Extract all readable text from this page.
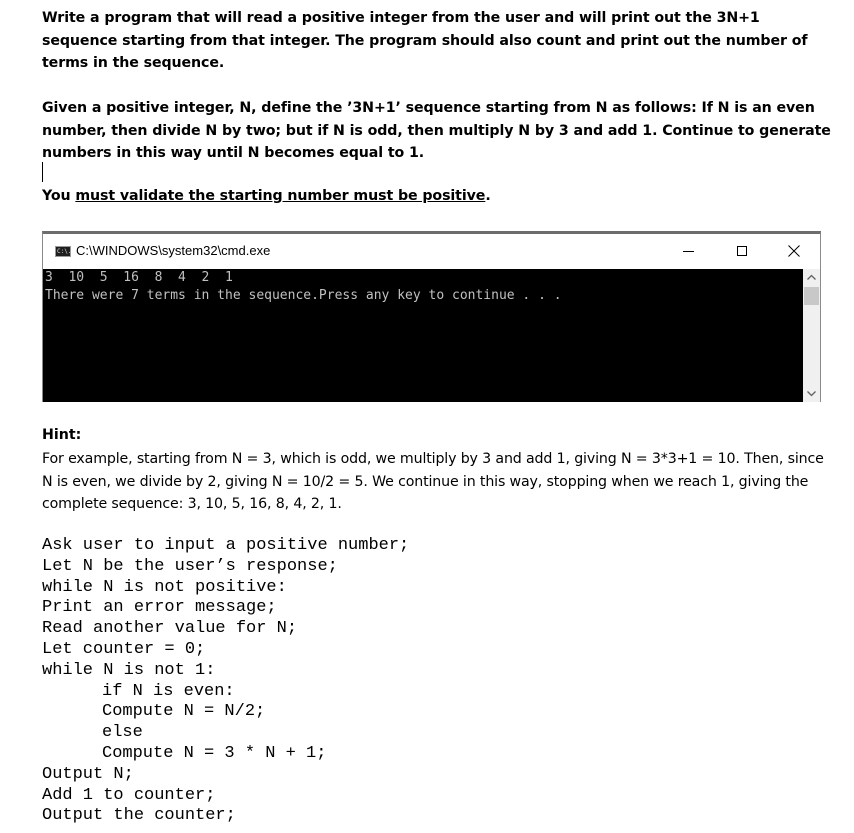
Write a program that will read a positive integer from the user and will print out the 3N+1 sequence starting from that integer. The program should also count and print out the number of terms in the sequence.
Given a positive integer, N, define the ’3N+1’ sequence starting from N as follows: If N is an even number, then divide N by two; but if N is odd, then multiply N by 3 and add 1. Continue to generate numbers in this way until N becomes equal to 1.
You must validate the starting number must be positive.
C:\. C:\WINDOWS\system32\cmd.exe
3  10  5  16  8  4  2  1
There were 7 terms in the sequence.Press any key to continue . . .
Hint:
For example, starting from N = 3, which is odd, we multiply by 3 and add 1, giving N = 3*3+1 = 10. Then, since N is even, we divide by 2, giving N = 10/2 = 5. We continue in this way, stopping when we reach 1, giving the complete sequence: 3, 10, 5, 16, 8, 4, 2, 1.
Ask user to input a positive number;
Let N be the user’s response;
while N is not positive:
Print an error message;
Read another value for N;
Let counter = 0;
while N is not 1:
if N is even:
Compute N = N/2;
else
Compute N = 3 * N + 1;
Output N;
Add 1 to counter;
Output the counter;
